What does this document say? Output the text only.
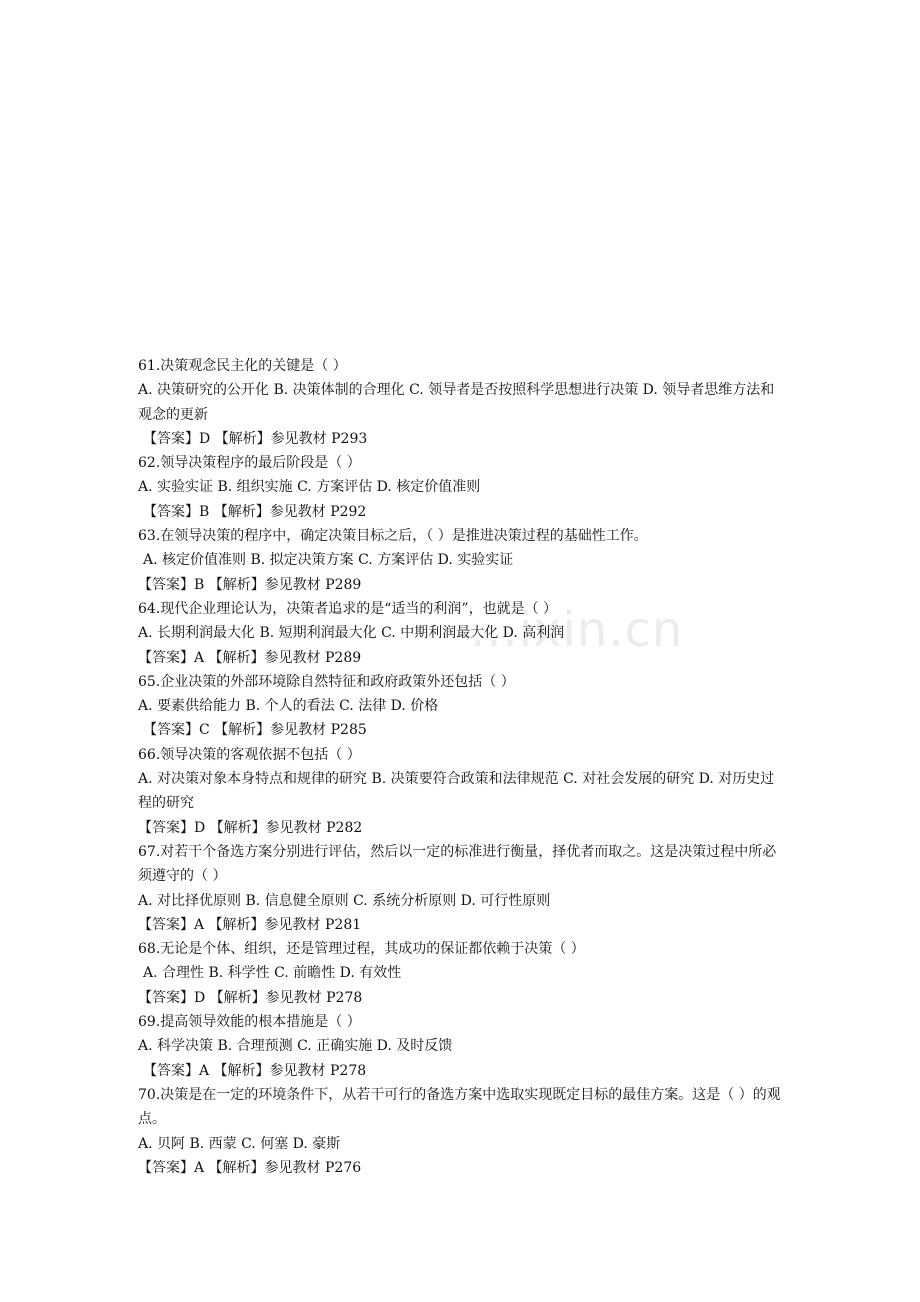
...ixin.cn

61.决策观念民主化的关键是（ ）

A. 决策研究的公开化 B. 决策体制的合理化 C. 领导者是否按照科学思想进行决策 D. 领导者思维方法和观念的更新

【答案】D 【解析】参见教材 P293

62.领导决策程序的最后阶段是（ ）

A. 实验实证 B. 组织实施 C. 方案评估 D. 核定价值准则

【答案】B 【解析】参见教材 P292

63.在领导决策的程序中，确定决策目标之后，（ ）是推进决策过程的基础性工作。

A. 核定价值准则 B. 拟定决策方案 C. 方案评估 D. 实验实证

【答案】B 【解析】参见教材 P289

64.现代企业理论认为，决策者追求的是“适当的利润”，也就是（ ）

A. 长期利润最大化 B. 短期利润最大化 C. 中期利润最大化 D. 高利润

【答案】A 【解析】参见教材 P289

65.企业决策的外部环境除自然特征和政府政策外还包括（ ）

A. 要素供给能力 B. 个人的看法 C. 法律 D. 价格

【答案】C 【解析】参见教材 P285

66.领导决策的客观依据不包括（ ）

A. 对决策对象本身特点和规律的研究 B. 决策要符合政策和法律规范 C. 对社会发展的研究 D. 对历史过程的研究

【答案】D 【解析】参见教材 P282

67.对若干个备选方案分别进行评估，然后以一定的标准进行衡量，择优者而取之。这是决策过程中所必须遵守的（ ）

A. 对比择优原则 B. 信息健全原则 C. 系统分析原则 D. 可行性原则

【答案】A 【解析】参见教材 P281

68.无论是个体、组织，还是管理过程，其成功的保证都依赖于决策（ ）

A. 合理性 B. 科学性 C. 前瞻性 D. 有效性

【答案】D 【解析】参见教材 P278

69.提高领导效能的根本措施是（ ）

A. 科学决策 B. 合理预测 C. 正确实施 D. 及时反馈

【答案】A 【解析】参见教材 P278

70.决策是在一定的环境条件下，从若干可行的备选方案中选取实现既定目标的最佳方案。这是（ ）的观点。

A. 贝阿 B. 西蒙 C. 何塞 D. 豪斯

【答案】A 【解析】参见教材 P276
